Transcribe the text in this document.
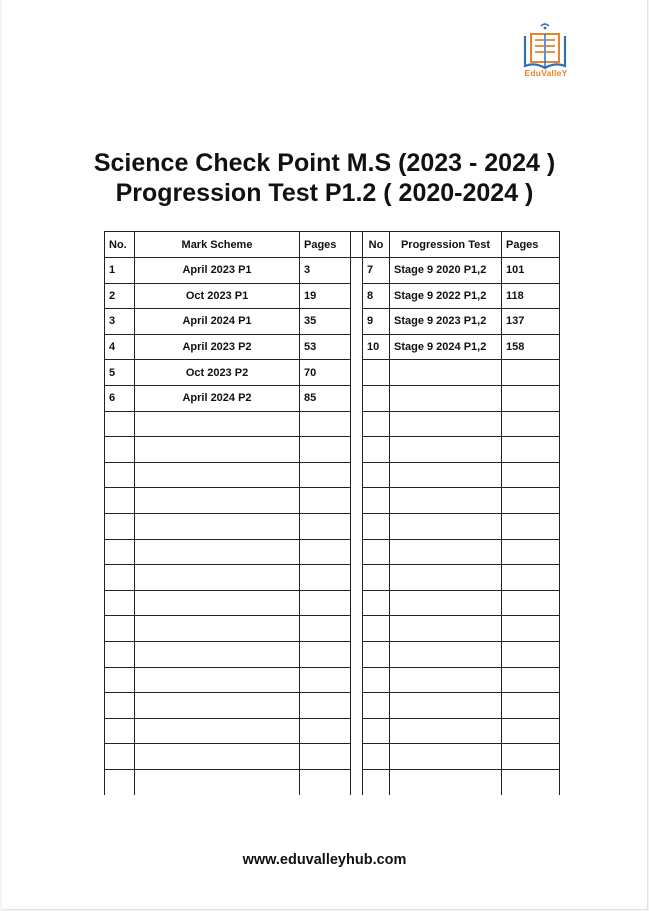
EduValleY
Science Check Point M.S (2023 - 2024 )
Progression Test P1.2 ( 2020-2024 )
No.	Mark Scheme	Pages		No	Progression Test	Pages
1	April 2023 P1	3		7	Stage 9 2020 P1,2	101
2	Oct 2023 P1	19		8	Stage 9 2022 P1,2	118
3	April 2024 P1	35		9	Stage 9 2023 P1,2	137
4	April 2023 P2	53		10	Stage 9 2024 P1,2	158
5	Oct 2023 P2	70				
6	April 2024 P2	85				

www.eduvalleyhub.com
